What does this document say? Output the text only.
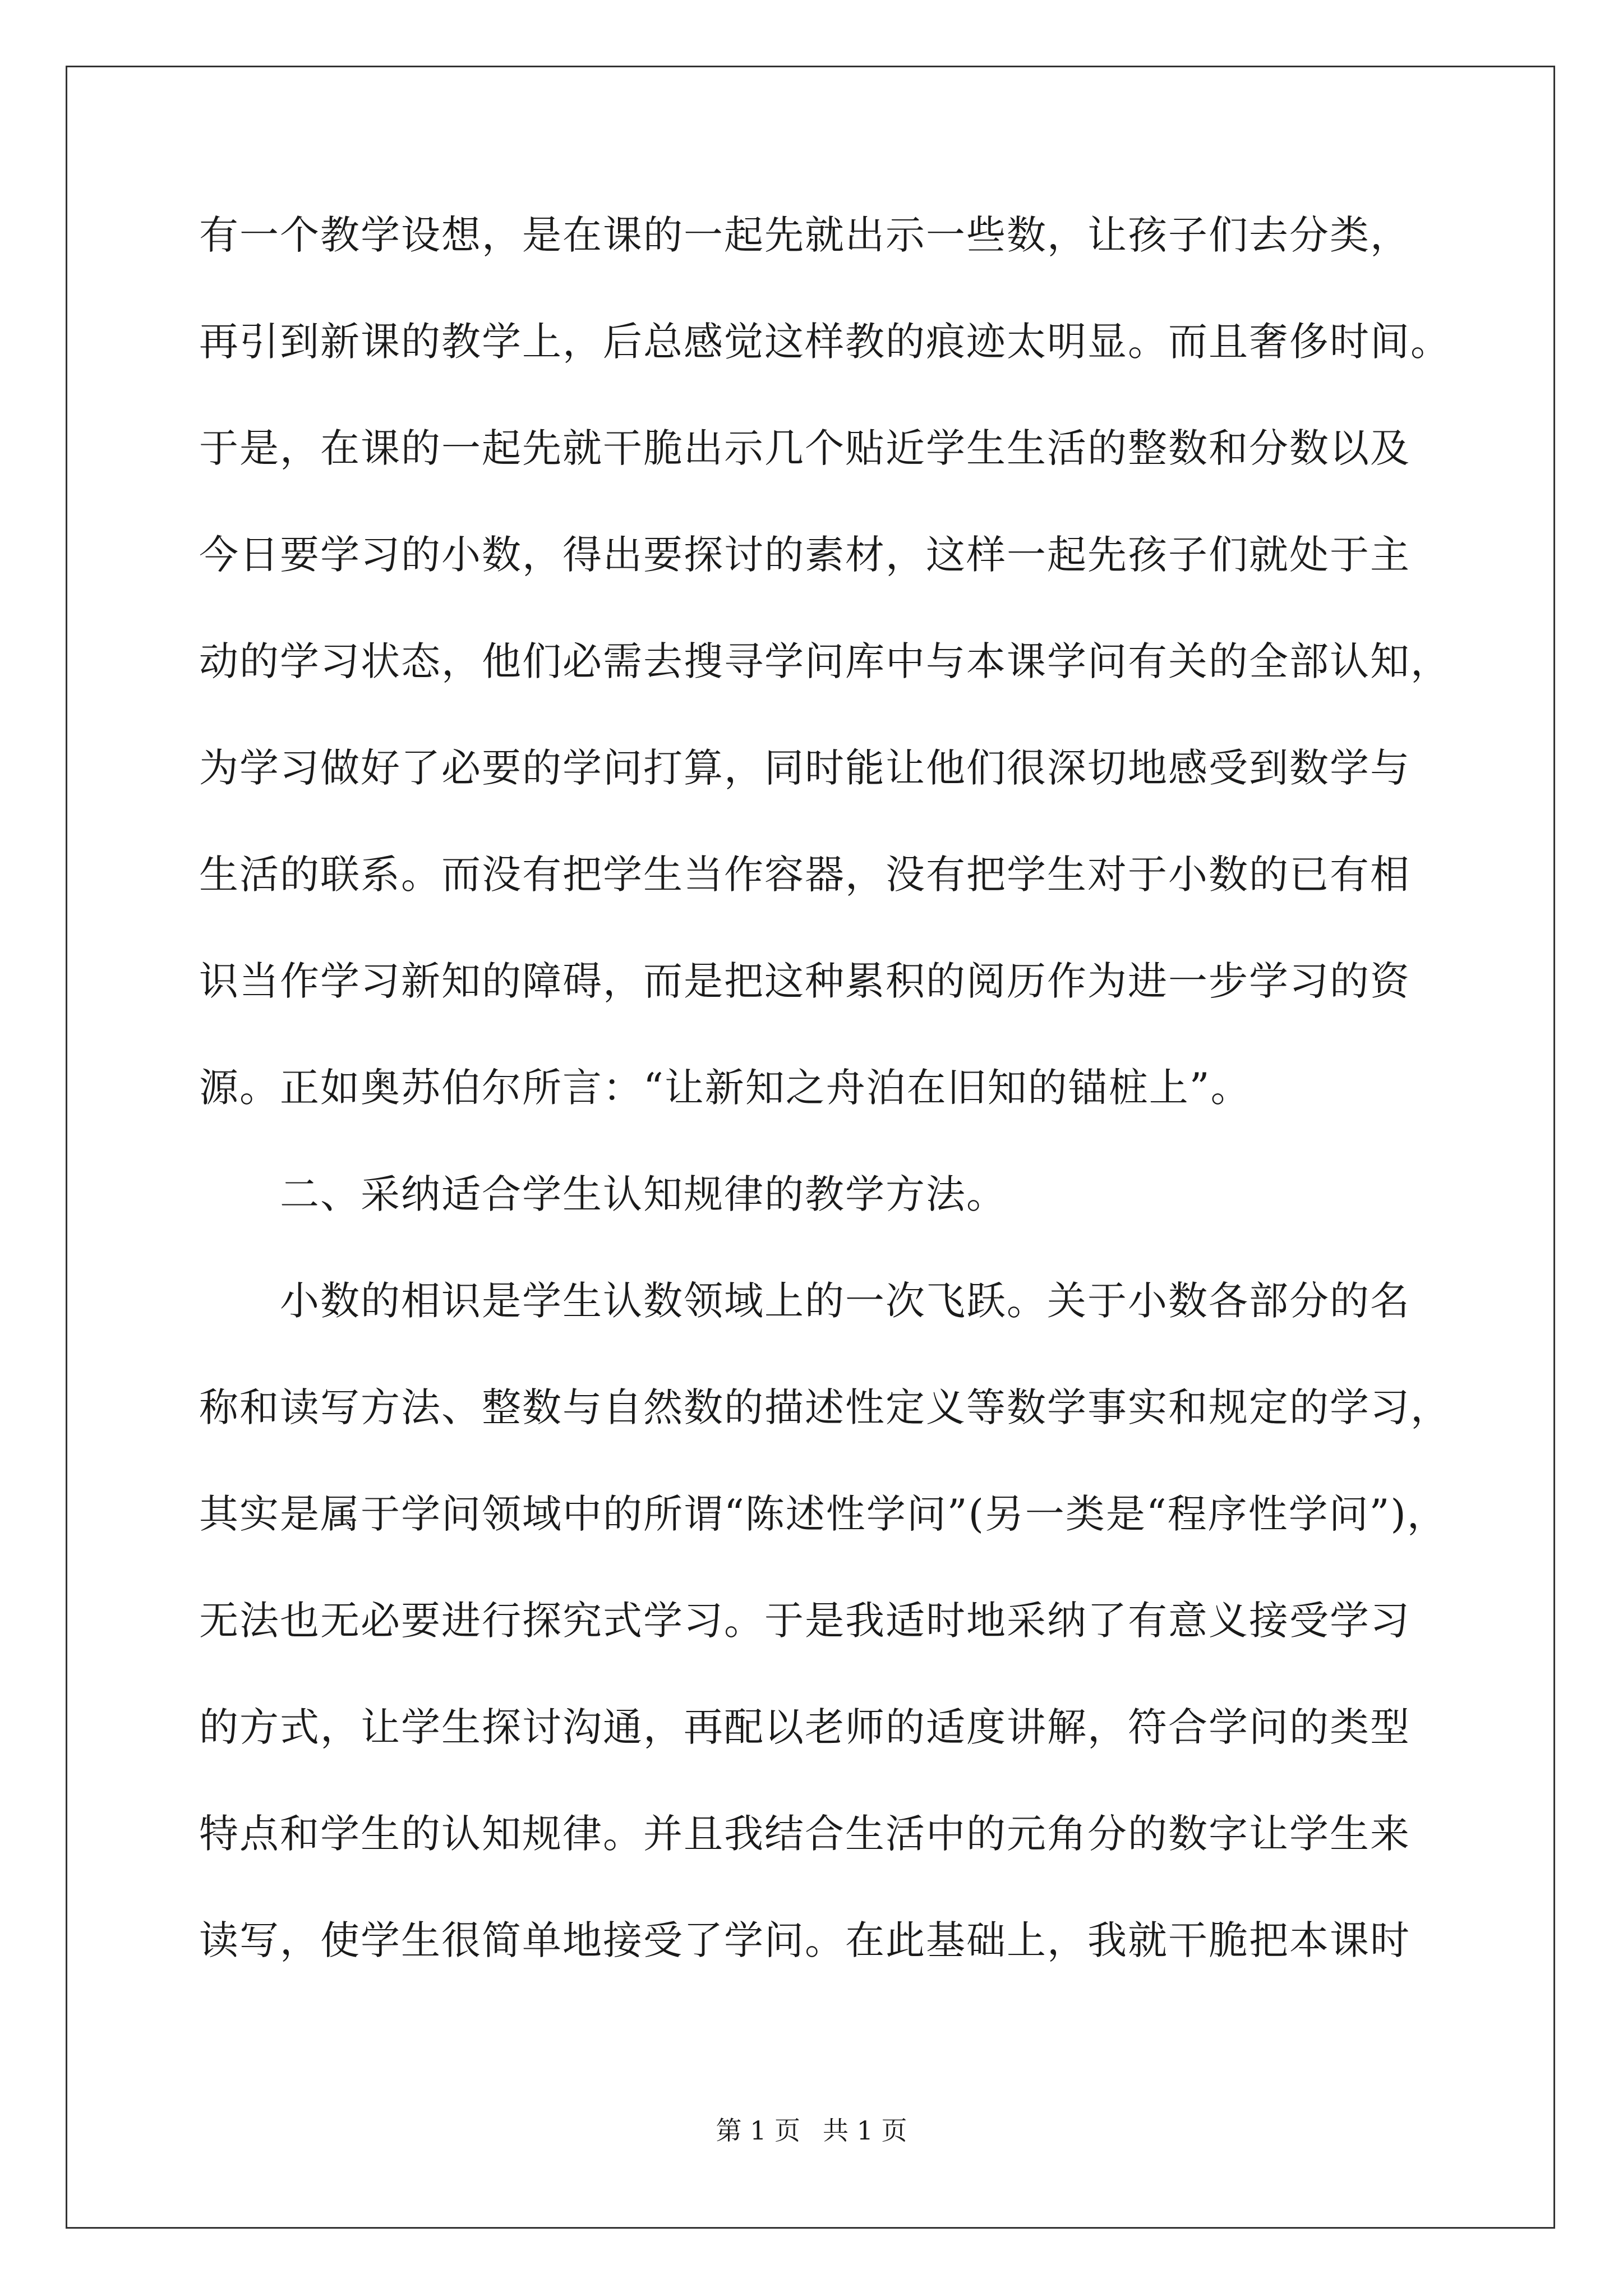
有一个教学设想，是在课的一起先就出示一些数，让孩子们去分类，
再引到新课的教学上，后总感觉这样教的痕迹太明显。而且奢侈时间。
于是，在课的一起先就干脆出示几个贴近学生生活的整数和分数以及
今日要学习的小数，得出要探讨的素材，这样一起先孩子们就处于主
动的学习状态，他们必需去搜寻学问库中与本课学问有关的全部认知，
为学习做好了必要的学问打算，同时能让他们很深切地感受到数学与
生活的联系。而没有把学生当作容器，没有把学生对于小数的已有相
识当作学习新知的障碍，而是把这种累积的阅历作为进一步学习的资
源。正如奥苏伯尔所言：“让新知之舟泊在旧知的锚桩上”。
　　二、采纳适合学生认知规律的教学方法。
　　小数的相识是学生认数领域上的一次飞跃。关于小数各部分的名
称和读写方法、整数与自然数的描述性定义等数学事实和规定的学习，
其实是属于学问领域中的所谓“陈述性学问”(另一类是“程序性学问”)，
无法也无必要进行探究式学习。于是我适时地采纳了有意义接受学习
的方式，让学生探讨沟通，再配以老师的适度讲解，符合学问的类型
特点和学生的认知规律。并且我结合生活中的元角分的数字让学生来
读写，使学生很简单地接受了学问。在此基础上，我就干脆把本课时
第 1 页 共 1 页
